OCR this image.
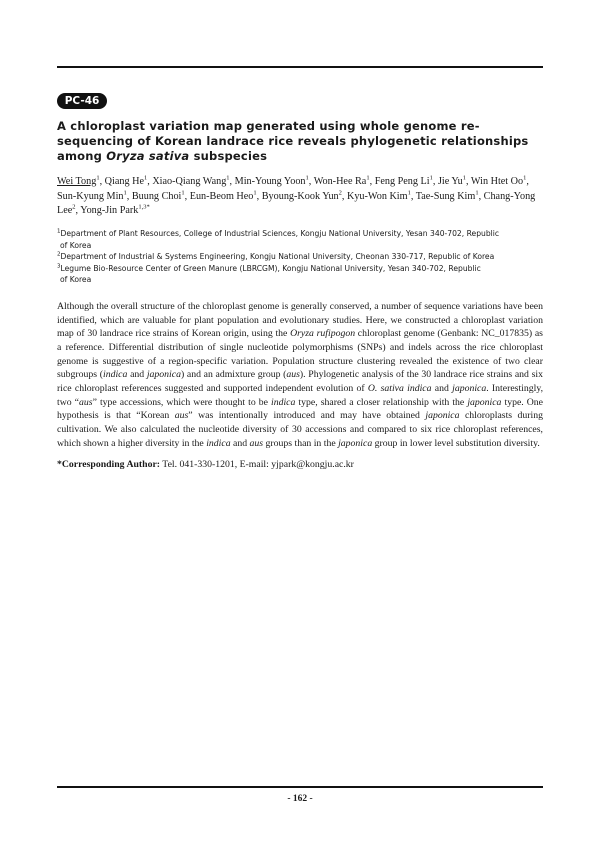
PC-46
A chloroplast variation map generated using whole genome re-sequencing of Korean landrace rice reveals phylogenetic relationships among Oryza sativa subspecies
Wei Tong$^1$, Qiang He$^1$, Xiao-Qiang Wang$^1$, Min-Young Yoon$^1$, Won-Hee Ra$^1$, Feng Peng Li$^1$, Jie Yu$^1$, Win Htet Oo$^1$, Sun-Kyung Min$^1$, Buung Choi$^1$, Eun-Beom Heo$^1$, Byoung-Kook Yun$^2$, Kyu-Won Kim$^1$, Tae-Sung Kim$^1$, Chang-Yong Lee$^2$, Yong-Jin Park$^{1,3*}$
$^1$Department of Plant Resources, College of Industrial Sciences, Kongju National University, Yesan 340-702, Republic
of Korea
$^2$Department of Industrial & Systems Engineering, Kongju National University, Cheonan 330-717, Republic of Korea
$^3$Legume Bio-Resource Center of Green Manure (LBRCGM), Kongju National University, Yesan 340-702, Republic
of Korea
Although the overall structure of the chloroplast genome is generally conserved, a number of sequence variations have been identified, which are valuable for plant population and evolutionary studies. Here, we constructed a chloroplast variation map of 30 landrace rice strains of Korean origin, using the Oryza rufipogon chloroplast genome (Genbank: NC_017835) as a reference. Differential distribution of single nucleotide polymorphisms (SNPs) and indels across the rice chloroplast genome is suggestive of a region-specific variation. Population structure clustering revealed the existence of two clear subgroups (indica and japonica) and an admixture group (aus). Phylogenetic analysis of the 30 landrace rice strains and six rice chloroplast references suggested and supported independent evolution of O. sativa indica and japonica. Interestingly, two “aus” type accessions, which were thought to be indica type, shared a closer relationship with the japonica type. One hypothesis is that “Korean aus” was intentionally introduced and may have obtained japonica chloroplasts during cultivation. We also calculated the nucleotide diversity of 30 accessions and compared to six rice chloroplast references, which shown a higher diversity in the indica and aus groups than in the japonica group in lower level substitution diversity.
*Corresponding Author: Tel. 041-330-1201, E-mail: yjpark@kongju.ac.kr
- 162 -
